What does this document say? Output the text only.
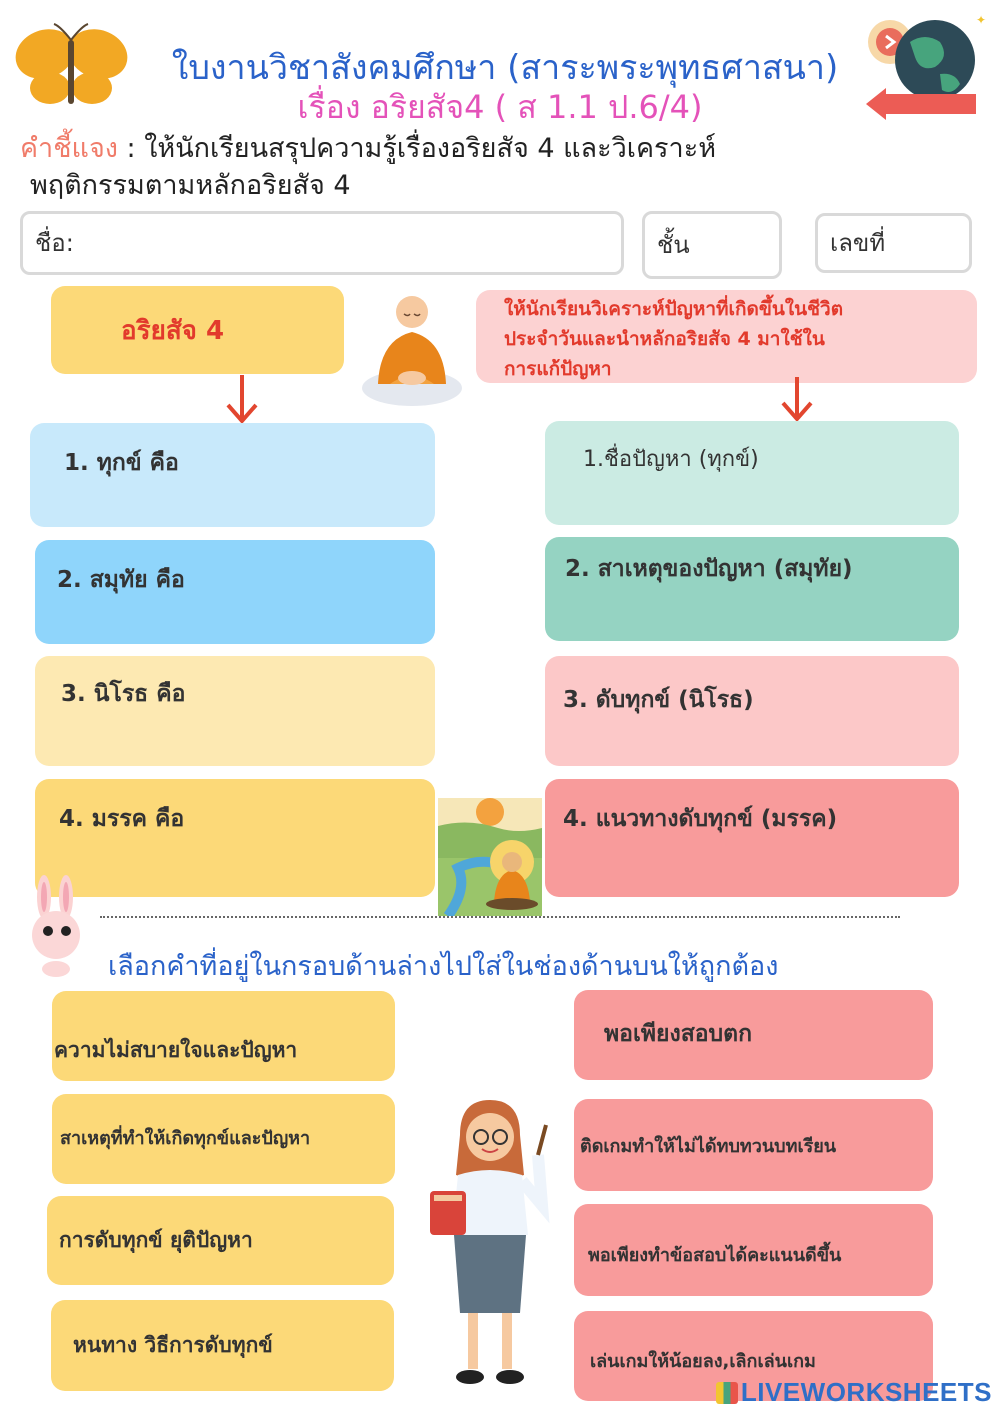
✦
ใบงานวิชาสังคมศึกษา (สาระพระพุทธศาสนา)
เรื่อง อริยสัจ4 ( ส 1.1 ป.6/4)
คำชี้แจง : ให้นักเรียนสรุปความรู้เรื่องอริยสัจ 4 และวิเคราะห์
พฤติกรรมตามหลักอริยสัจ 4
ชื่อ:
ชั้น
เลขที่
อริยสัจ 4
ให้นักเรียนวิเคราะห์ปัญหาที่เกิดขึ้นในชีวิต
ประจำวันและนำหลักอริยสัจ 4 มาใช้ใน
การแก้ปัญหา
1. ทุกข์ คือ
2. สมุทัย คือ
3. นิโรธ คือ
4. มรรค คือ
1.ชื่อปัญหา (ทุกข์)
2. สาเหตุของปัญหา (สมุทัย)
3. ดับทุกข์ (นิโรธ)
4. แนวทางดับทุกข์ (มรรค)
เลือกคำที่อยู่ในกรอบด้านล่างไปใส่ในช่องด้านบนให้ถูกต้อง
ความไม่สบายใจและปัญหา
สาเหตุที่ทำให้เกิดทุกข์และปัญหา
การดับทุกข์ ยุติปัญหา
หนทาง วิธีการดับทุกข์
พอเพียงสอบตก
ติดเกมทำให้ไม่ได้ทบทวนบทเรียน
พอเพียงทำข้อสอบได้คะแนนดีขึ้น
เล่นเกมให้น้อยลง,เลิกเล่นเกม
LIVEWORKSHEETS
